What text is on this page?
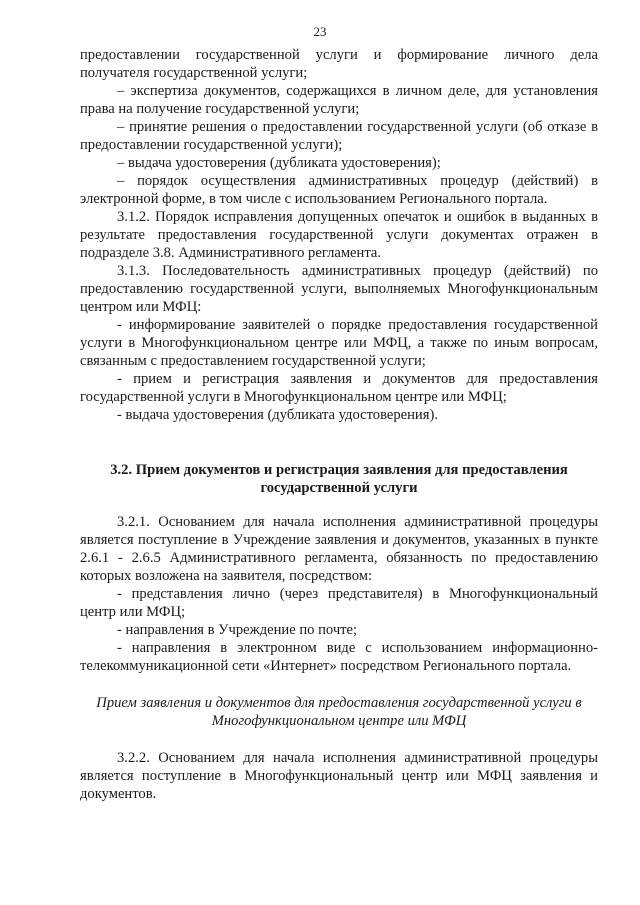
23

предоставлении государственной услуги и формирование личного дела получателя государственной услуги;

– экспертиза документов, содержащихся в личном деле, для установления права на получение государственной услуги;

– принятие решения о предоставлении государственной услуги (об отказе в предоставлении государственной услуги);

– выдача удостоверения (дубликата удостоверения);

– порядок осуществления административных процедур (действий) в электронной форме, в том числе с использованием Регионального портала.

3.1.2. Порядок исправления допущенных опечаток и ошибок в выданных в результате предоставления государственной услуги документах отражен в подразделе 3.8. Административного регламента.

3.1.3. Последовательность административных процедур (действий) по предоставлению государственной услуги, выполняемых Многофункциональным центром или МФЦ:

- информирование заявителей о порядке предоставления государственной услуги в Многофункциональном центре или МФЦ, а также по иным вопросам, связанным с предоставлением государственной услуги;

- прием и регистрация заявления и документов для предоставления государственной услуги в Многофункциональном центре или МФЦ;

- выдача удостоверения (дубликата удостоверения).

3.2. Прием документов и регистрация заявления для предоставления государственной услуги

3.2.1. Основанием для начала исполнения административной процедуры является поступление в Учреждение заявления и документов, указанных в пункте 2.6.1 - 2.6.5 Административного регламента, обязанность по предоставлению которых возложена на заявителя, посредством:

- представления лично (через представителя) в Многофункциональный центр или МФЦ;

- направления в Учреждение по почте;

- направления в электронном виде с использованием информационно-телекоммуникационной сети «Интернет» посредством Регионального портала.

Прием заявления и документов для предоставления государственной услуги в Многофункциональном центре или МФЦ

3.2.2. Основанием для начала исполнения административной процедуры является поступление в Многофункциональный центр или МФЦ заявления и документов.
